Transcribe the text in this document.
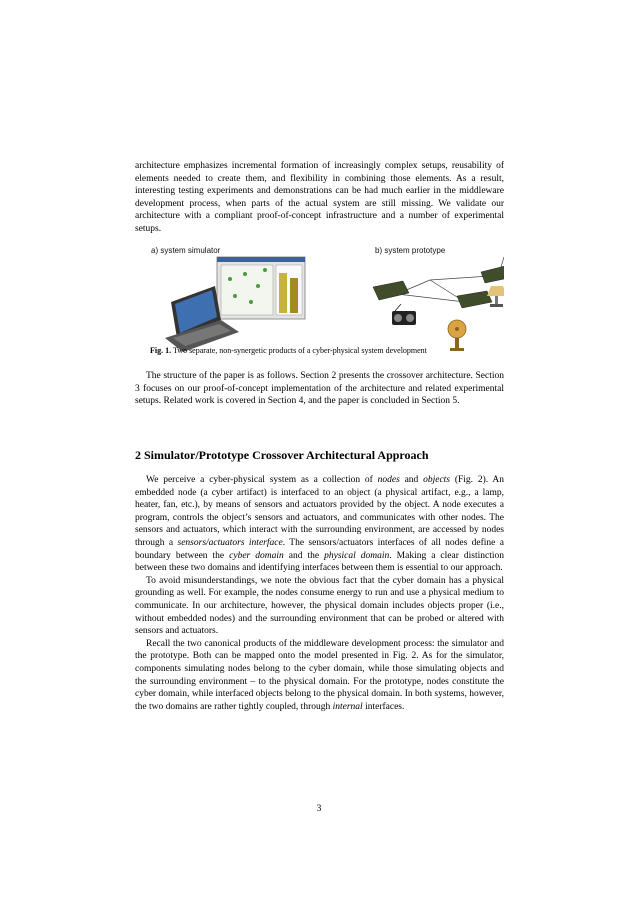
architecture emphasizes incremental formation of increasingly complex setups, reusability of elements needed to create them, and flexibility in combining those elements. As a result, interesting testing experiments and demonstrations can be had much earlier in the middleware development process, when parts of the actual system are still missing. We validate our architecture with a compliant proof-of-concept infrastructure and a number of experimental setups.

a) system simulator	b) system prototype
Fig. 1. Two separate, non-synergetic products of a cyber-physical system development

The structure of the paper is as follows. Section 2 presents the crossover architecture. Section 3 focuses on our proof-of-concept implementation of the architecture and related experimental setups. Related work is covered in Section 4, and the paper is concluded in Section 5.

2 Simulator/Prototype Crossover Architectural Approach

We perceive a cyber-physical system as a collection of nodes and objects (Fig. 2). An embedded node (a cyber artifact) is interfaced to an object (a physical artifact, e.g., a lamp, heater, fan, etc.), by means of sensors and actuators provided by the object. A node executes a program, controls the object’s sensors and actuators, and communicates with other nodes. The sensors and actuators, which interact with the surrounding environment, are accessed by nodes through a sensors/actuators interface. The sensors/actuators interfaces of all nodes define a boundary between the cyber domain and the physical domain. Making a clear distinction between these two domains and identifying interfaces between them is essential to our approach.

To avoid misunderstandings, we note the obvious fact that the cyber domain has a physical grounding as well. For example, the nodes consume energy to run and use a physical medium to communicate. In our architecture, however, the physical domain includes objects proper (i.e., without embedded nodes) and the surrounding environment that can be probed or altered with sensors and actuators.

Recall the two canonical products of the middleware development process: the simulator and the prototype. Both can be mapped onto the model presented in Fig. 2. As for the simulator, components simulating nodes belong to the cyber domain, while those simulating objects and the surrounding environment – to the physical domain. For the prototype, nodes constitute the cyber domain, while interfaced objects belong to the physical domain. In both systems, however, the two domains are rather tightly coupled, through internal interfaces.

3
